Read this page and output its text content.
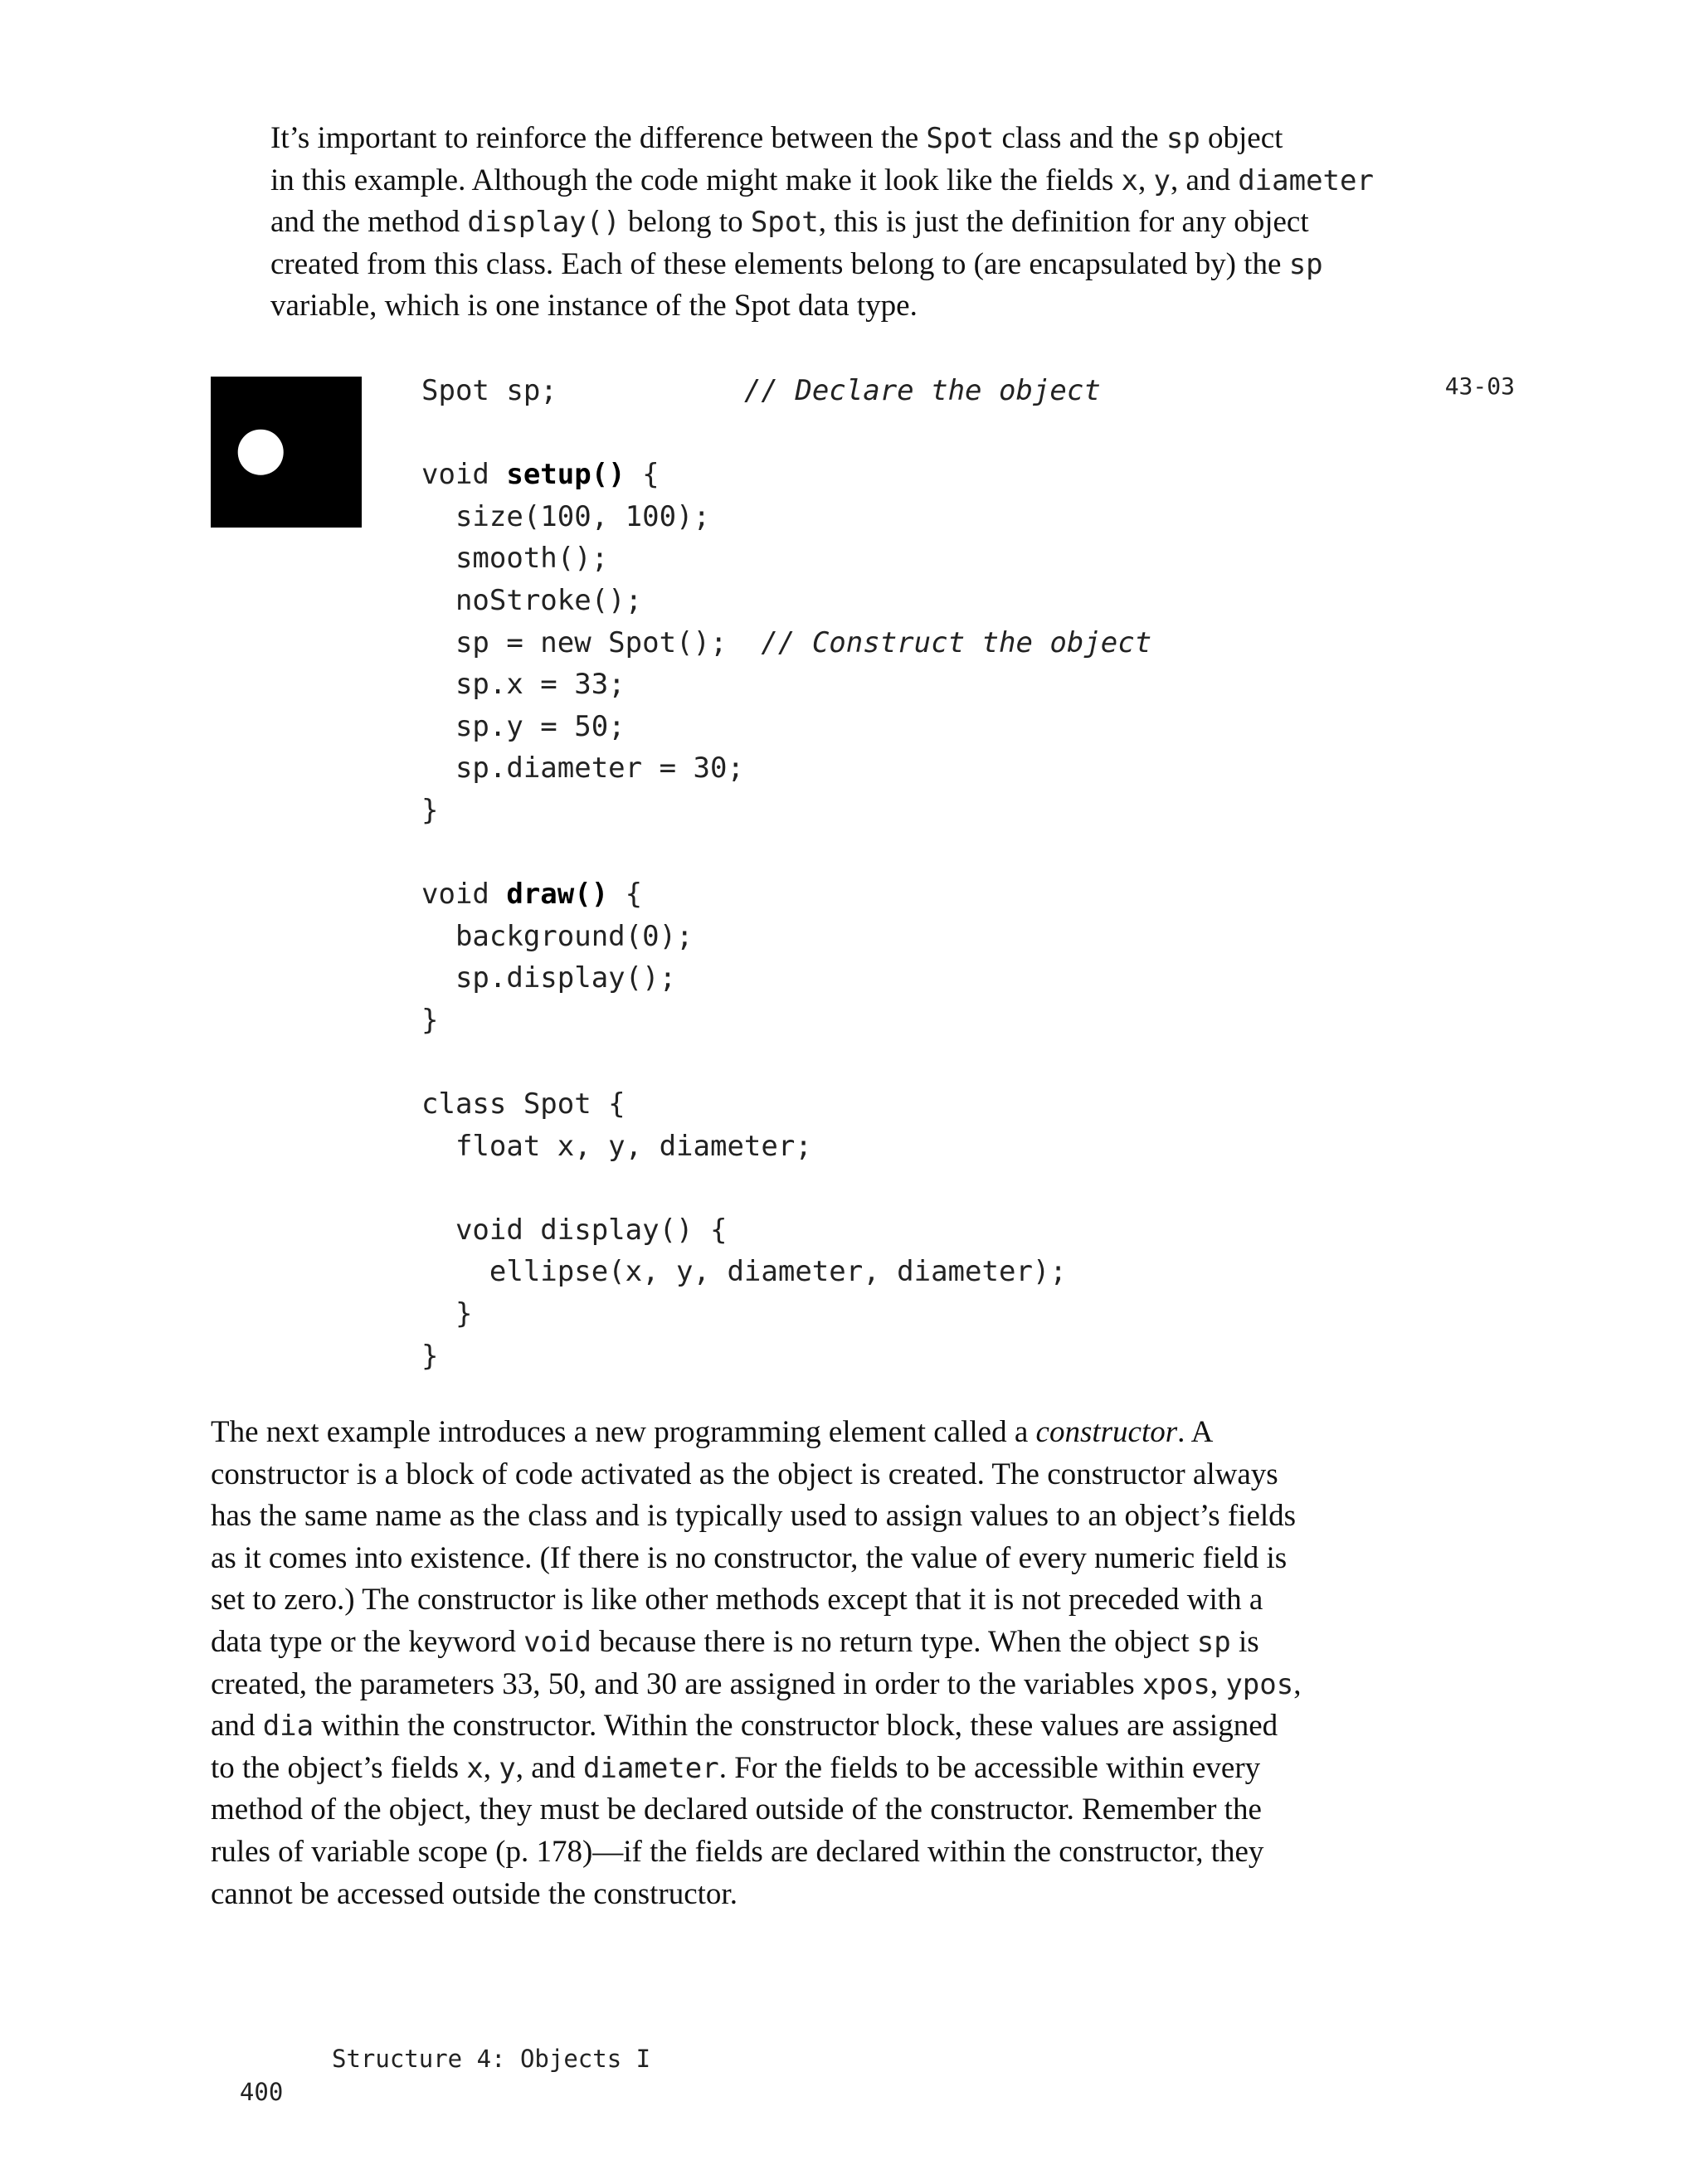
It’s important to reinforce the difference between the Spot class and the sp object
in this example. Although the code might make it look like the fields x, y, and diameter
and the method display() belong to Spot, this is just the definition for any object
created from this class. Each of these elements belong to (are encapsulated by) the sp
variable, which is one instance of the Spot data type.

Spot sp;           // Declare the object
void setup() {
size(100, 100);
smooth();
noStroke();
sp = new Spot();  // Construct the object
sp.x = 33;
sp.y = 50;
sp.diameter = 30;
}
void draw() {
background(0);
sp.display();
}
class Spot {
float x, y, diameter;
void display() {
ellipse(x, y, diameter, diameter);
}
}
43-03

The next example introduces a new programming element called a constructor. A
constructor is a block of code activated as the object is created. The constructor always
has the same name as the class and is typically used to assign values to an object’s fields
as it comes into existence. (If there is no constructor, the value of every numeric field is
set to zero.) The constructor is like other methods except that it is not preceded with a
data type or the keyword void because there is no return type. When the object sp is
created, the parameters 33, 50, and 30 are assigned in order to the variables xpos, ypos,
and dia within the constructor. Within the constructor block, these values are assigned
to the object’s fields x, y, and diameter. For the fields to be accessible within every
method of the object, they must be declared outside of the constructor. Remember the
rules of variable scope (p. 178)—if the fields are declared within the constructor, they
cannot be accessed outside the constructor.

400

Structure 4: Objects I
